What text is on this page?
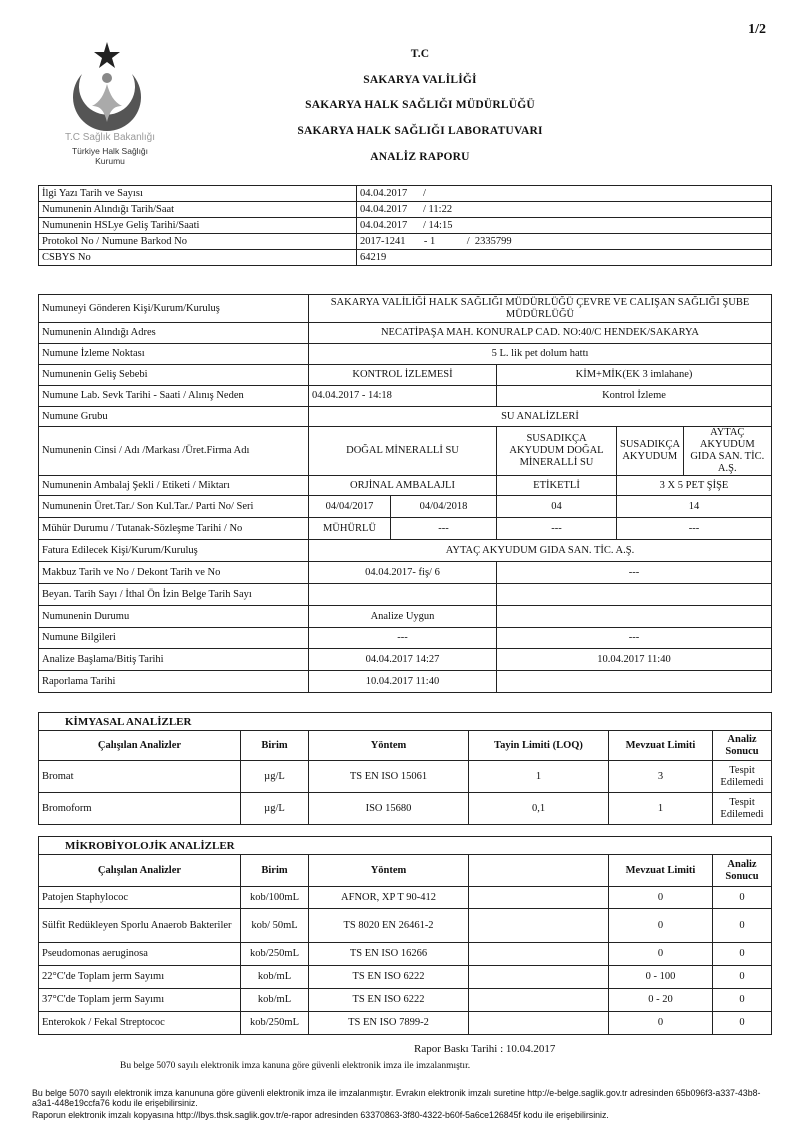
1/2
T.C Sağlık Bakanlığı
Türkiye Halk Sağlığı
Kurumu
T.C
SAKARYA VALİLİĞİ
SAKARYA HALK SAĞLIĞI MÜDÜRLÜĞÜ
SAKARYA HALK SAĞLIĞI LABORATUVARI
ANALİZ RAPORU
İlgi Yazı Tarih ve Sayısı	04.04.2017      /
Numunenin Alındığı Tarih/Saat	04.04.2017      / 11:22
Numunenin HSLye Geliş Tarihi/Saati	04.04.2017      / 14:15
Protokol No / Numune Barkod No	2017-1241       - 1            /  2335799
CSBYS No	64219
Numuneyi Gönderen Kişi/Kurum/Kuruluş	SAKARYA VALİLİĞİ HALK SAĞLIĞI MÜDÜRLÜĞÜ ÇEVRE VE CALIŞAN SAĞLIĞI ŞUBE MÜDÜRLÜĞÜ				
Numunenin Alındığı Adres	NECATİPAŞA MAH. KONURALP CAD. NO:40/C HENDEK/SAKARYA				
Numune İzleme Noktası	5 L. lik pet dolum hattı				
Numunenin Geliş Sebebi	KONTROL İZLEMESİ		KİM+MİK(EK 3 imlahane)		
Numune Lab. Sevk Tarihi - Saati / Alınış Neden	04.04.2017 - 14:18		Kontrol İzleme		
Numune Grubu	SU ANALİZLERİ				
Numunenin Cinsi / Adı /Markası /Üret.Firma Adı	DOĞAL MİNERALLİ SU		SUSADIKÇA AKYUDUM DOĞAL MİNERALLİ SU	SUSADIKÇA AKYUDUM	AYTAÇ AKYUDUM GIDA SAN. TİC. A.Ş.
Numunenin Ambalaj Şekli / Etiketi / Miktarı	ORJİNAL AMBALAJLI		ETİKETLİ	3 X 5 PET ŞİŞE	
Numunenin Üret.Tar./ Son Kul.Tar./ Parti No/ Seri	04/04/2017	04/04/2018	04	14	
Mühür Durumu / Tutanak-Sözleşme Tarihi / No	MÜHÜRLÜ	---	---	---	
Fatura Edilecek Kişi/Kurum/Kuruluş	AYTAÇ AKYUDUM GIDA SAN. TİC. A.Ş.				
Makbuz Tarih ve No / Dekont Tarih ve No	04.04.2017- fiş/ 6		---		
Beyan. Tarih Sayı / İthal Ön İzin Belge Tarih Sayı					
Numunenin Durumu	Analize Uygun				
Numune Bilgileri	---		---		
Analize Başlama/Bitiş Tarihi	04.04.2017 14:27		10.04.2017 11:40		
Raporlama Tarihi	10.04.2017 11:40				
KİMYASAL ANALİZLER					
Çalışılan Analizler	Birim	Yöntem	Tayin Limiti (LOQ)	Mevzuat Limiti	Analiz Sonucu
Bromat	µg/L	TS EN ISO 15061	1	3	Tespit Edilemedi
Bromoform	µg/L	ISO 15680	0,1	1	Tespit Edilemedi
MİKROBİYOLOJİK ANALİZLER					
Çalışılan Analizler	Birim	Yöntem		Mevzuat Limiti	Analiz Sonucu
Patojen Staphylococ	kob/100mL	AFNOR, XP T 90-412		0	0
Sülfit Redükleyen Sporlu Anaerob Bakteriler	kob/ 50mL	TS 8020 EN 26461-2		0	0
Pseudomonas aeruginosa	kob/250mL	TS EN ISO 16266		0	0
22°C'de Toplam jerm Sayımı	kob/mL	TS EN ISO 6222		0 - 100	0
37°C'de Toplam jerm Sayımı	kob/mL	TS EN ISO 6222		0 - 20	0
Enterokok / Fekal Streptococ	kob/250mL	TS EN ISO 7899-2		0	0
Rapor Baskı Tarihi : 10.04.2017
Bu belge 5070 sayılı elektronik imza kanuna göre güvenli elektronik imza ile imzalanmıştır.
Bu belge 5070 sayılı elektronik imza kanununa göre güvenli elektronik imza ile imzalanmıştır. Evrakın elektronik imzalı suretine http://e-belge.saglik.gov.tr adresinden 65b096f3-a337-43b8-a3a1-448e19ccfa76 kodu ile erişebilirsiniz.
Raporun elektronik imzalı kopyasına http://lbys.thsk.saglik.gov.tr/e-rapor adresinden 63370863-3f80-4322-b60f-5a6ce126845f kodu ile erişebilirsiniz.
